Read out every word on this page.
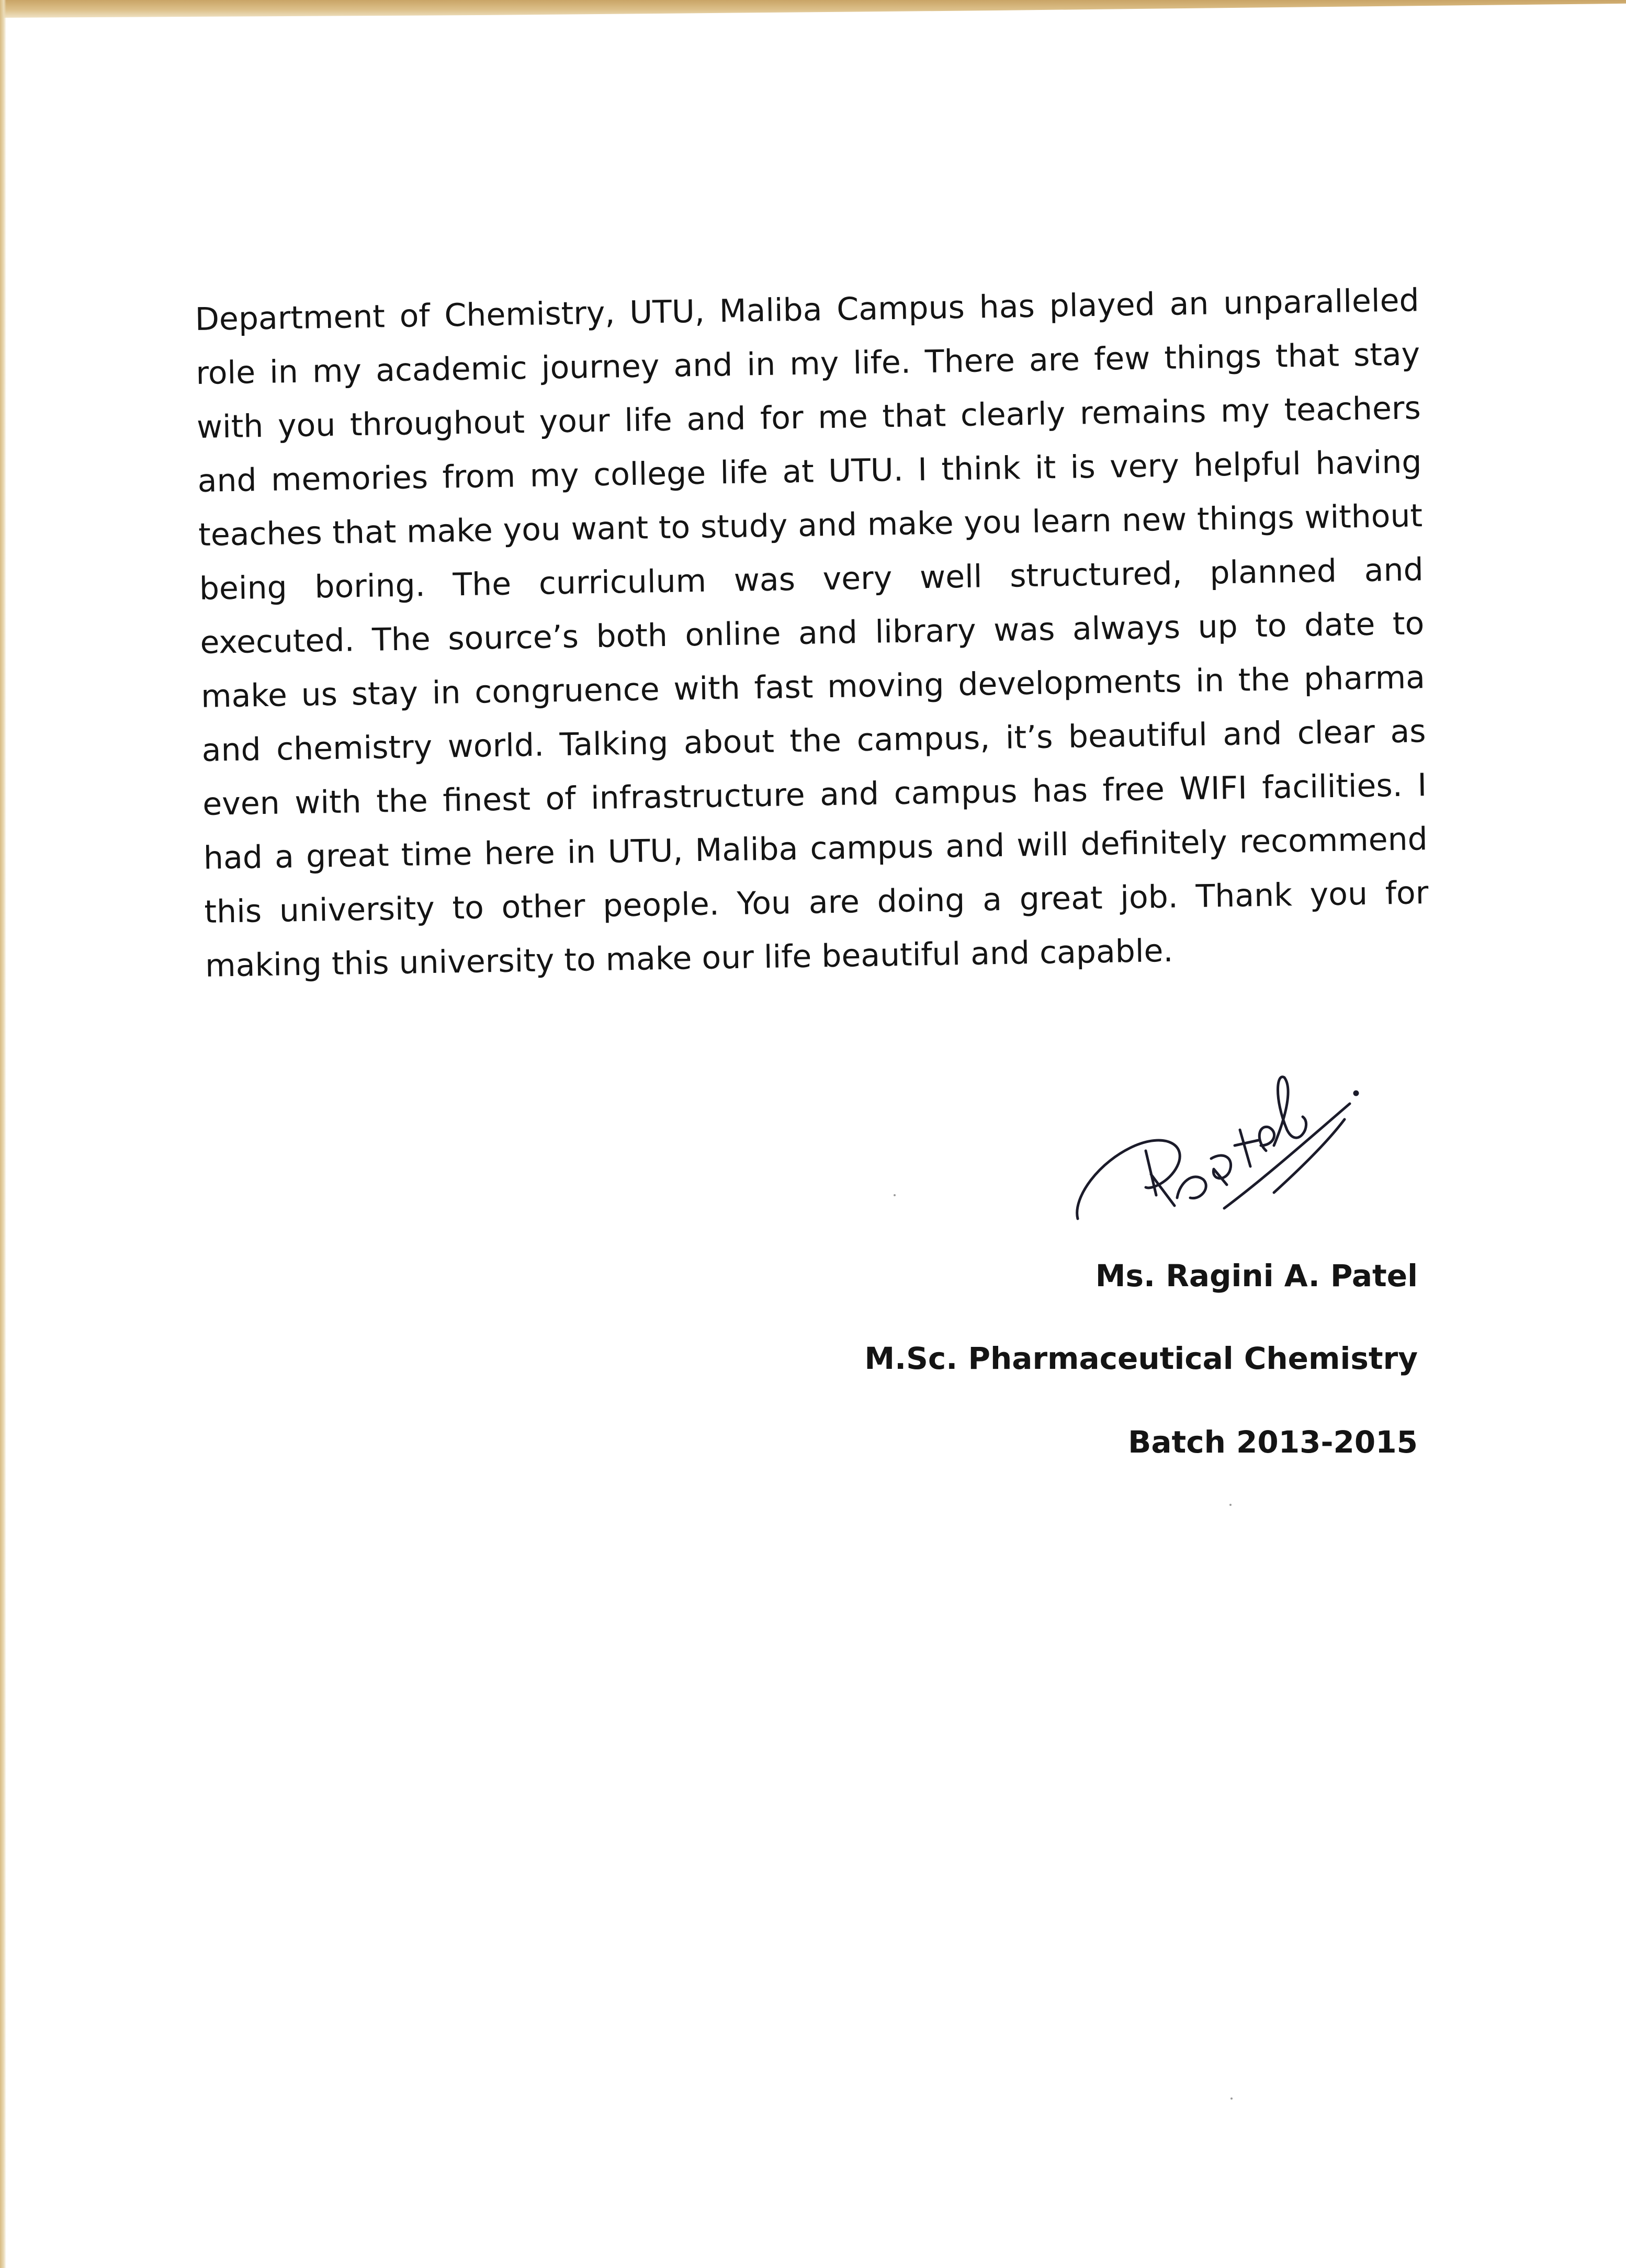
Department of Chemistry, UTU, Maliba Campus has played an unparalleled role in my academic journey and in my life. There are few things that stay with you throughout your life and for me that clearly remains my teachers and memories from my college life at UTU. I think it is very helpful having teaches that make you want to study and make you learn new things without being boring. The curriculum was very well structured, planned and executed. The source’s both online and library was always up to date to make us stay in congruence with fast moving developments in the pharma and chemistry world. Talking about the campus, it’s beautiful and clear as even with the finest of infrastructure and campus has free WIFI facilities. I had a great time here in UTU, Maliba campus and will definitely recommend this university to other people. You are doing a great job. Thank you for making this university to make our life beautiful and capable.
Ms. Ragini A. Patel
M.Sc. Pharmaceutical Chemistry
Batch 2013-2015
